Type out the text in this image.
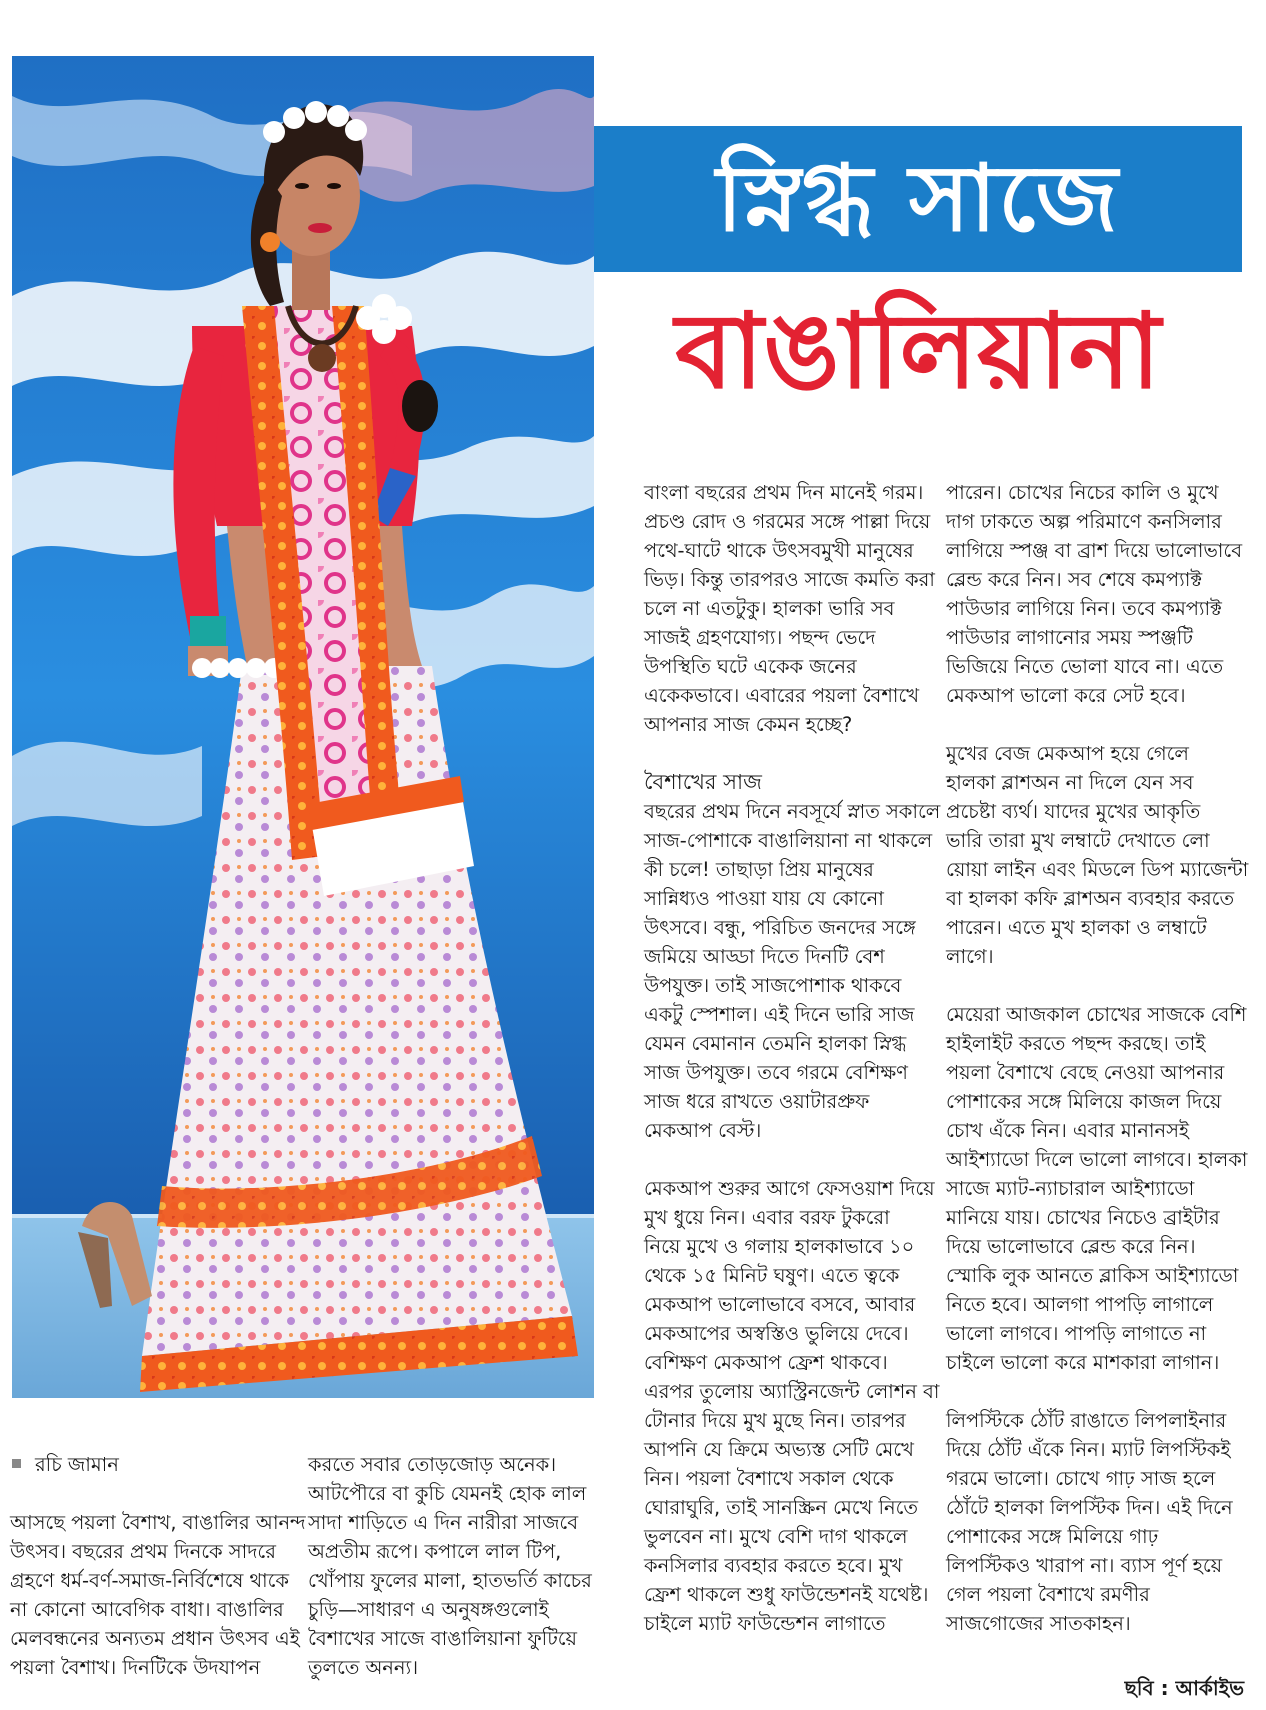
স্নিগ্ধ সাজে
বাঙালিয়ানা
রচি জামান

আসছে পয়লা বৈশাখ, বাঙালির আনন্দ

উৎসব। বছরের প্রথম দিনকে সাদরে

গ্রহণে ধর্ম-বর্ণ-সমাজ-নির্বিশেষে থাকে

না কোনো আবেগিক বাধা। বাঙালির

মেলবন্ধনের অন্যতম প্রধান উৎসব এই

পয়লা বৈশাখ। দিনটিকে উদযাপন

করতে সবার তোড়জোড় অনেক।

আটপৌরে বা কুচি যেমনই হোক লাল

সাদা শাড়িতে এ দিন নারীরা সাজবে

অপ্রতীম রূপে। কপালে লাল টিপ,

খোঁপায় ফুলের মালা, হাতভর্তি কাচের

চুড়ি—সাধারণ এ অনুষঙ্গগুলোই

বৈশাখের সাজে বাঙালিয়ানা ফুটিয়ে

তুলতে অনন্য।

বাংলা বছরের প্রথম দিন মানেই গরম।

প্রচণ্ড রোদ ও গরমের সঙ্গে পাল্লা দিয়ে

পথে-ঘাটে থাকে উৎসবমুখী মানুষের

ভিড়। কিন্তু তারপরও সাজে কমতি করা

চলে না এতটুকু। হালকা ভারি সব

সাজই গ্রহণযোগ্য। পছন্দ ভেদে

উপস্থিতি ঘটে একেক জনের

একেকভাবে। এবারের পয়লা বৈশাখে

আপনার সাজ কেমন হচ্ছে?

বৈশাখের সাজ

বছরের প্রথম দিনে নবসূর্যে স্নাত সকালে

সাজ-পোশাকে বাঙালিয়ানা না থাকলে

কী চলে! তাছাড়া প্রিয় মানুষের

সান্নিধ্যও পাওয়া যায় যে কোনো

উৎসবে। বন্ধু, পরিচিত জনদের সঙ্গে

জমিয়ে আড্ডা দিতে দিনটি বেশ

উপযুক্ত। তাই সাজপোশাক থাকবে

একটু স্পেশাল। এই দিনে ভারি সাজ

যেমন বেমানান তেমনি হালকা স্নিগ্ধ

সাজ উপযুক্ত। তবে গরমে বেশিক্ষণ

সাজ ধরে রাখতে ওয়াটারপ্রুফ

মেকআপ বেস্ট।

মেকআপ শুরুর আগে ফেসওয়াশ দিয়ে

মুখ ধুয়ে নিন। এবার বরফ টুকরো

নিয়ে মুখে ও গলায় হালকাভাবে ১০

থেকে ১৫ মিনিট ঘষুণ। এতে ত্বকে

মেকআপ ভালোভাবে বসবে, আবার

মেকআপের অস্বস্তিও ভুলিয়ে দেবে।

বেশিক্ষণ মেকআপ ফ্রেশ থাকবে।

এরপর তুলোয় অ্যাস্ট্রিনজেন্ট লোশন বা

টোনার দিয়ে মুখ মুছে নিন। তারপর

আপনি যে ক্রিমে অভ্যস্ত সেটি মেখে

নিন। পয়লা বৈশাখে সকাল থেকে

ঘোরাঘুরি, তাই সানস্ক্রিন মেখে নিতে

ভুলবেন না। মুখে বেশি দাগ থাকলে

কনসিলার ব্যবহার করতে হবে। মুখ

ফ্রেশ থাকলে শুধু ফাউন্ডেশনই যথেষ্ট।

চাইলে ম্যাট ফাউন্ডেশন লাগাতে

পারেন। চোখের নিচের কালি ও মুখে

দাগ ঢাকতে অল্প পরিমাণে কনসিলার

লাগিয়ে স্পঞ্জ বা ব্রাশ দিয়ে ভালোভাবে

ব্লেন্ড করে নিন। সব শেষে কমপ্যাক্ট

পাউডার লাগিয়ে নিন। তবে কমপ্যাক্ট

পাউডার লাগানোর সময় স্পঞ্জটি

ভিজিয়ে নিতে ভোলা যাবে না। এতে

মেকআপ ভালো করে সেট হবে।

মুখের বেজ মেকআপ হয়ে গেলে

হালকা ব্লাশঅন না দিলে যেন সব

প্রচেষ্টা ব্যর্থ। যাদের মুখের আকৃতি

ভারি তারা মুখ লম্বাটে দেখাতে লো

য়োয়া লাইন এবং মিডলে ডিপ ম্যাজেন্টা

বা হালকা কফি ব্লাশঅন ব্যবহার করতে

পারেন। এতে মুখ হালকা ও লম্বাটে

লাগে।

মেয়েরা আজকাল চোখের সাজকে বেশি

হাইলাইট করতে পছন্দ করছে। তাই

পয়লা বৈশাখে বেছে নেওয়া আপনার

পোশাকের সঙ্গে মিলিয়ে কাজল দিয়ে

চোখ এঁকে নিন। এবার মানানসই

আইশ্যাডো দিলে ভালো লাগবে। হালকা

সাজে ম্যাট-ন্যাচারাল আইশ্যাডো

মানিয়ে যায়। চোখের নিচেও ব্রাইটার

দিয়ে ভালোভাবে ব্লেন্ড করে নিন।

স্মোকি লুক আনতে ব্লাকিস আইশ্যাডো

নিতে হবে। আলগা পাপড়ি লাগালে

ভালো লাগবে। পাপড়ি লাগাতে না

চাইলে ভালো করে মাশকারা লাগান।

লিপস্টিকে ঠোঁট রাঙাতে লিপলাইনার

দিয়ে ঠোঁট এঁকে নিন। ম্যাট লিপস্টিকই

গরমে ভালো। চোখে গাঢ় সাজ হলে

ঠোঁটে হালকা লিপস্টিক দিন। এই দিনে

পোশাকের সঙ্গে মিলিয়ে গাঢ়

লিপস্টিকও খারাপ না। ব্যাস পূর্ণ হয়ে

গেল পয়লা বৈশাখে রমণীর

সাজগোজের সাতকাহন।

ছবি : আর্কাইভ
